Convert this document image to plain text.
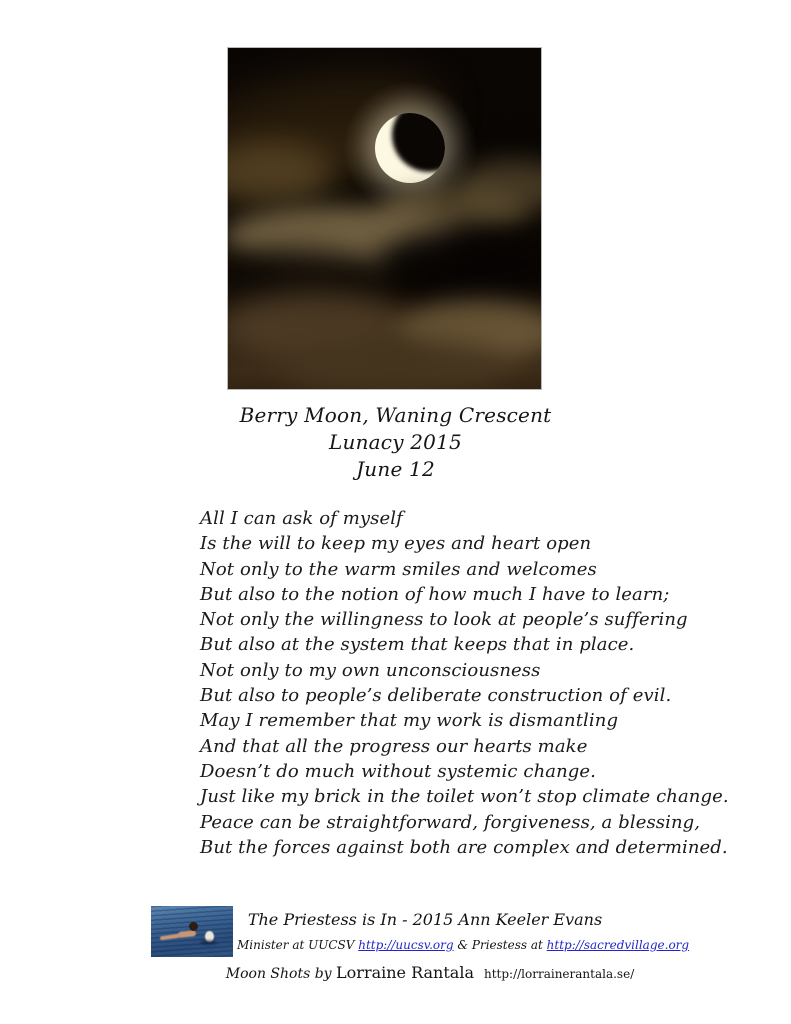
Berry Moon, Waning Crescent
Lunacy 2015
June 12
All I can ask of myself
Is the will to keep my eyes and heart open
Not only to the warm smiles and welcomes
But also to the notion of how much I have to learn;
Not only the willingness to look at people’s suffering
But also at the system that keeps that in place.
Not only to my own unconsciousness
But also to people’s deliberate construction of evil.
May I remember that my work is dismantling
And that all the progress our hearts make
Doesn’t do much without systemic change.
Just like my brick in the toilet won’t stop climate change.
Peace can be straightforward, forgiveness, a blessing,
But the forces against both are complex and determined.
The Priestess is In - 2015 Ann Keeler Evans
Minister at UUCSV http://uucsv.org & Priestess at http://sacredvillage.org
Moon Shots by Lorraine Rantala http://lorrainerantala.se/
